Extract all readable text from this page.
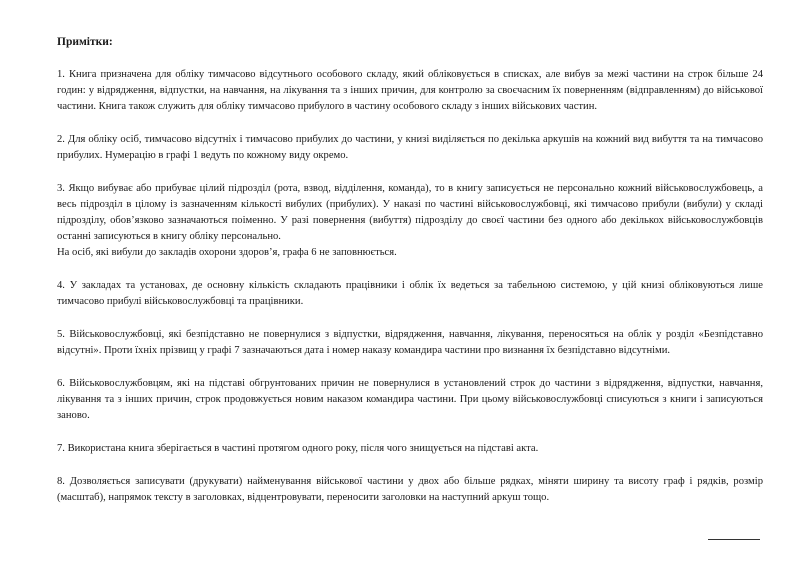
Примітки:

1. Книга призначена для обліку тимчасово відсутнього особового складу, який обліковується в списках, але вибув за межі частини на строк більше 24 годин: у відрядження, відпустки, на навчання, на лікування та з інших причин, для контролю за своєчасним їх поверненням (відправленням) до військової частини. Книга також служить для обліку тимчасово прибулого в частину особового складу з інших військових частин.

2. Для обліку осіб, тимчасово відсутніх і тимчасово прибулих до частини, у книзі виділяється по декілька аркушів на кожний вид вибуття та на тимчасово прибулих. Нумерацію в графі 1 ведуть по кожному виду окремо.

3. Якщо вибуває або прибуває цілий підрозділ (рота, взвод, відділення, команда), то в книгу записується не персонально кожний військовослужбовець, а весь підрозділ в цілому із зазначенням кількості вибулих (прибулих). У наказі по частині військовослужбовці, які тимчасово прибули (вибули) у складі підрозділу, обов’язково зазначаються поіменно. У разі повернення (вибуття) підрозділу до своєї частини без одного або декількох військовослужбовців останні записуються в книгу обліку персонально.

На осіб, які вибули до закладів охорони здоров’я, графа 6 не заповнюється.

4. У закладах та установах, де основну кількість складають працівники і облік їх ведеться за табельною системою, у цій книзі обліковуються лише тимчасово прибулі військовослужбовці та працівники.

5. Військовослужбовці, які безпідставно не повернулися з відпустки, відрядження, навчання, лікування, переносяться на облік у розділ «Безпідставно відсутні». Проти їхніх прізвищ у графі 7 зазначаються дата і номер наказу командира частини про визнання їх безпідставно відсутніми.

6. Військовослужбовцям, які на підставі обгрунтованих причин не повернулися в установлений строк до частини з відрядження, відпустки, навчання, лікування та з інших причин, строк продовжується новим наказом командира частини. При цьому військовослужбовці списуються з книги і записуються заново.

7. Використана книга зберігається в частині протягом одного року, після чого знищується на підставі акта.

8. Дозволяється записувати (друкувати) найменування військової частини у двох або більше рядках, міняти ширину та висоту граф і рядків, розмір (масштаб), напрямок тексту в заголовках, відцентровувати, переносити заголовки на наступний аркуш тощо.
